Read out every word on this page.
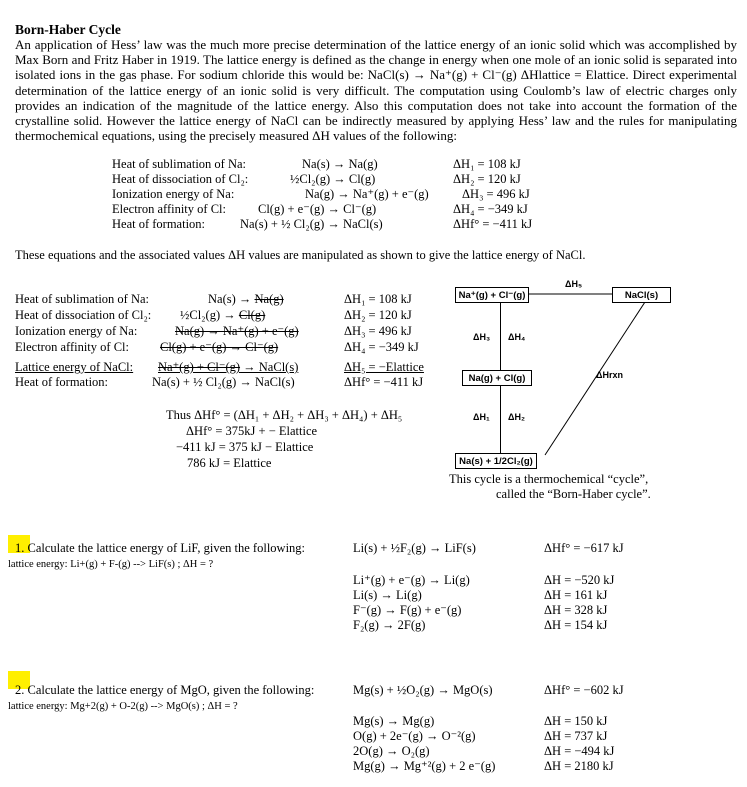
Born-Haber Cycle
An application of Hess’ law was the much more precise determination of the lattice energy of an ionic solid which was accomplished by Max Born and Fritz Haber in 1919. The lattice energy is defined as the change in energy when one mole of an ionic solid is separated into isolated ions in the gas phase. For sodium chloride this would be: NaCl(s) → Na⁺(g) + Cl⁻(g) ΔHlattice = Elattice. Direct experimental determination of the lattice energy of an ionic solid is very difficult. The computation using Coulomb’s law of electric charges only provides an indication of the magnitude of the lattice energy. Also this computation does not take into account the formation of the crystalline solid. However the lattice energy of NaCl can be indirectly measured by applying Hess’ law and the rules for manipulating thermochemical equations, using the precisely measured ΔH values of the following:
Heat of sublimation of Na:	Na(s) → Na(g)	ΔH₁ = 108 kJ
Heat of dissociation of Cl₂:	½Cl₂(g) → Cl(g)	ΔH₂ = 120 kJ
Ionization energy of Na:	Na(g) → Na⁺(g) + e⁻(g)	ΔH₃ = 496 kJ
Electron affinity of Cl:	Cl(g) + e⁻(g) → Cl⁻(g)	ΔH₄ = −349 kJ
Heat of formation:	Na(s) + ½ Cl₂(g) → NaCl(s)	ΔHf° = −411 kJ
These equations and the associated values ΔH values are manipulated as shown to give the lattice energy of NaCl.
Heat of sublimation of Na:	Na(s) → Na(g)	ΔH₁ = 108 kJ
Heat of dissociation of Cl₂: ½Cl₂(g) → Cl(g)	ΔH₂ = 120 kJ
Ionization energy of Na:	Na(g) → Na⁺(g) + e⁻(g)	ΔH₃ = 496 kJ
Electron affinity of Cl: Cl(g) + e⁻(g) → Cl⁻(g)	ΔH₄ = −349 kJ
Lattice energy of NaCl: Na⁺(g) + Cl⁻(g) → NaCl(s)	ΔH₅ = −Elattice
Heat of formation:	Na(s) + ½ Cl₂(g) → NaCl(s)	ΔHf° = −411 kJ
Thus ΔHf° = (ΔH₁ + ΔH₂ + ΔH₃ + ΔH₄) + ΔH₅
ΔHf° = 375kJ + − Elattice
−411 kJ = 375 kJ − Elattice
786 kJ = Elattice
Na⁺(g) + Cl⁻(g)	NaCl(s)
Na(g) + Cl(g)
Na(s) + 1/2Cl₂(g)
ΔH₅
ΔH₃ ΔH₄
ΔH₁ ΔH₂
ΔHrxn
This cycle is a thermochemical “cycle”,
called the “Born-Haber cycle”.
1. Calculate the lattice energy of LiF, given the following:
lattice energy: Li+(g) + F-(g) --> LiF(s) ; ΔH = ?
Li(s) + ½F₂(g) → LiF(s)	ΔHf° = −617 kJ
Li⁺(g) + e⁻(g) → Li(g)	ΔH = −520 kJ
Li(s) → Li(g)	ΔH = 161 kJ
F⁻(g) → F(g) + e⁻(g)	ΔH = 328 kJ
F₂(g) → 2F(g)	ΔH = 154 kJ
2. Calculate the lattice energy of MgO, given the following:
lattice energy: Mg+2(g) + O-2(g) --> MgO(s) ; ΔH = ?
Mg(s) + ½O₂(g) → MgO(s)	ΔHf° = −602 kJ
Mg(s) → Mg(g)	ΔH = 150 kJ
O(g) + 2e⁻(g) → O⁻²(g)	ΔH = 737 kJ
2O(g) → O₂(g)	ΔH = −494 kJ
Mg(g) → Mg⁺²(g) + 2 e⁻(g)	ΔH = 2180 kJ
